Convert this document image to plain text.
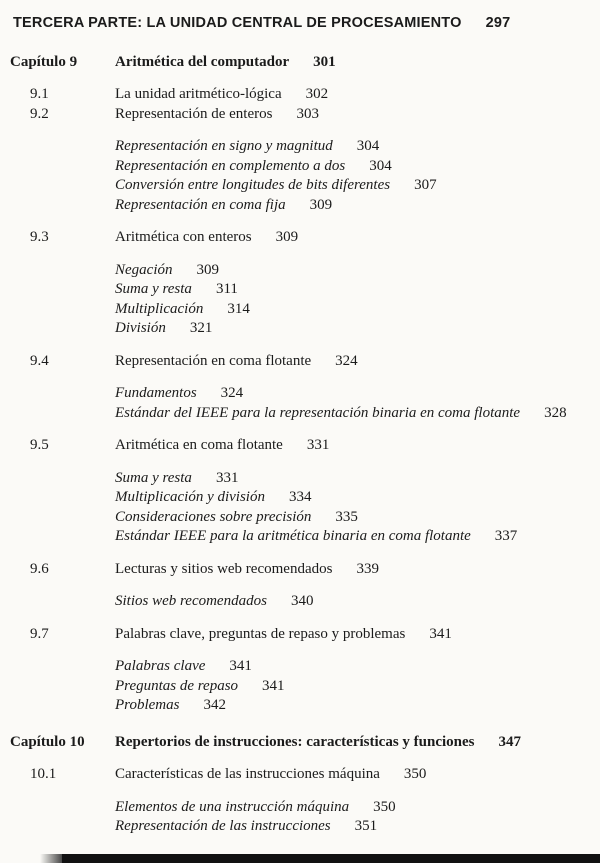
TERCERA PARTE: LA UNIDAD CENTRAL DE PROCESAMIENTO 297
Capítulo 9	Aritmética del computador 301
9.1	La unidad aritmético-lógica 302
9.2	Representación de enteros 303
Representación en signo y magnitud 304
Representación en complemento a dos 304
Conversión entre longitudes de bits diferentes 307
Representación en coma fija 309
9.3	Aritmética con enteros 309
Negación 309
Suma y resta 311
Multiplicación 314
División 321
9.4	Representación en coma flotante 324
Fundamentos 324
Estándar del IEEE para la representación binaria en coma flotante 328
9.5	Aritmética en coma flotante 331
Suma y resta 331
Multiplicación y división 334
Consideraciones sobre precisión 335
Estándar IEEE para la aritmética binaria en coma flotante 337
9.6	Lecturas y sitios web recomendados 339
Sitios web recomendados 340
9.7	Palabras clave, preguntas de repaso y problemas 341
Palabras clave 341
Preguntas de repaso 341
Problemas 342
Capítulo 10 Repertorios de instrucciones: características y funciones 347
10.1	Características de las instrucciones máquina 350
Elementos de una instrucción máquina 350
Representación de las instrucciones 351
